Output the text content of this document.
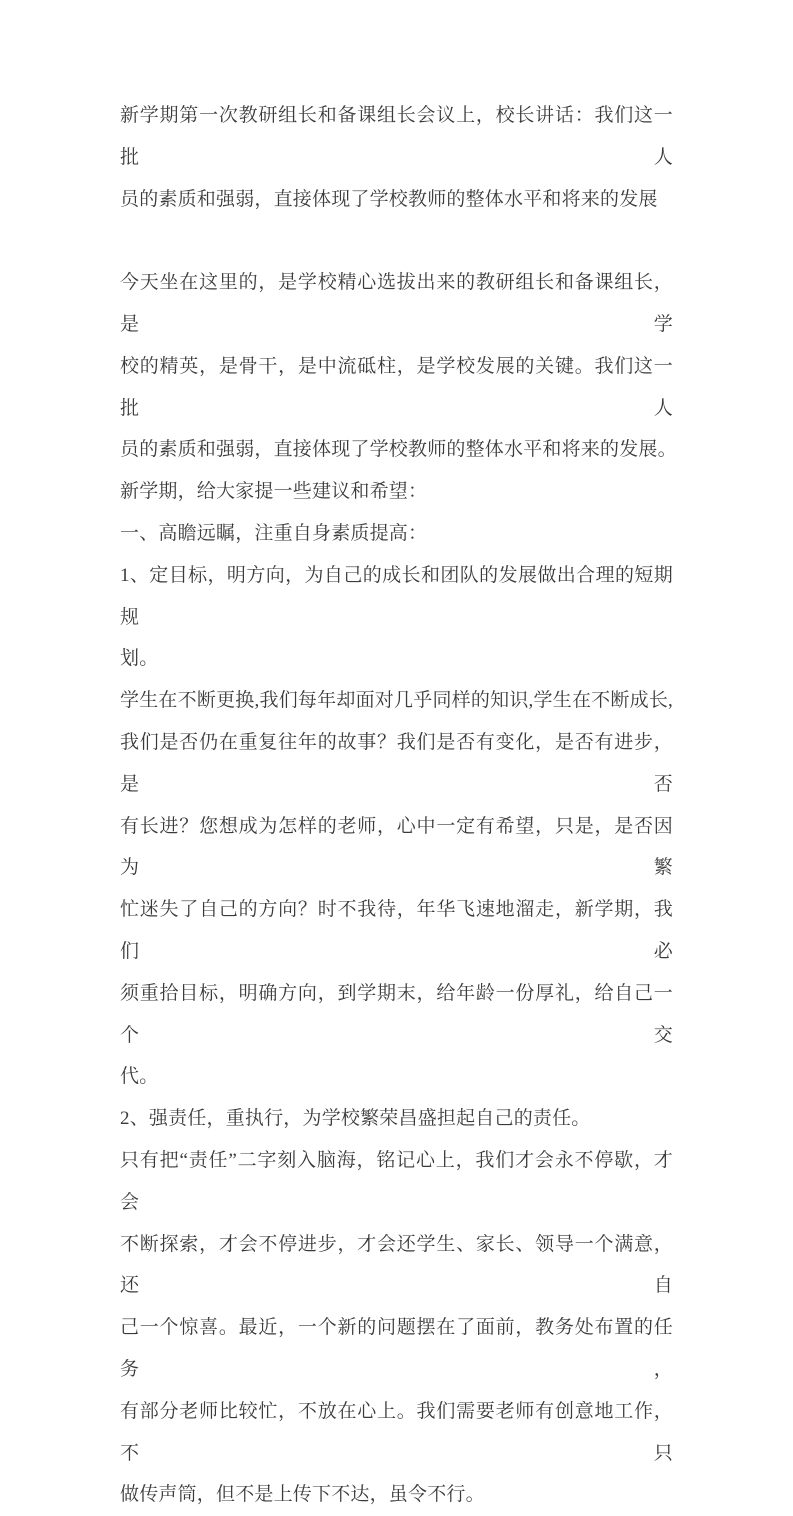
新学期第一次教研组长和备课组长会议上，校长讲话：我们这一批人
员的素质和强弱，直接体现了学校教师的整体水平和将来的发展

今天坐在这里的，是学校精心选拔出来的教研组长和备课组长，是学
校的精英，是骨干，是中流砥柱，是学校发展的关键。我们这一批人
员的素质和强弱，直接体现了学校教师的整体水平和将来的发展。

新学期，给大家提一些建议和希望：

一、高瞻远瞩，注重自身素质提高：

1、定目标，明方向，为自己的成长和团队的发展做出合理的短期规
划。

学生在不断更换,我们每年却面对几乎同样的知识,学生在不断成长,
我们是否仍在重复往年的故事？我们是否有变化，是否有进步，是否
有长进？您想成为怎样的老师，心中一定有希望，只是，是否因为繁
忙迷失了自己的方向？时不我待，年华飞速地溜走，新学期，我们必
须重拾目标，明确方向，到学期末，给年龄一份厚礼，给自己一个交
代。

2、强责任，重执行，为学校繁荣昌盛担起自己的责任。

只有把“责任”二字刻入脑海，铭记心上，我们才会永不停歇，才会
不断探索，才会不停进步，才会还学生、家长、领导一个满意，还自
己一个惊喜。最近，一个新的问题摆在了面前，教务处布置的任务，
有部分老师比较忙，不放在心上。我们需要老师有创意地工作，不只
做传声筒，但不是上传下不达，虽令不行。
